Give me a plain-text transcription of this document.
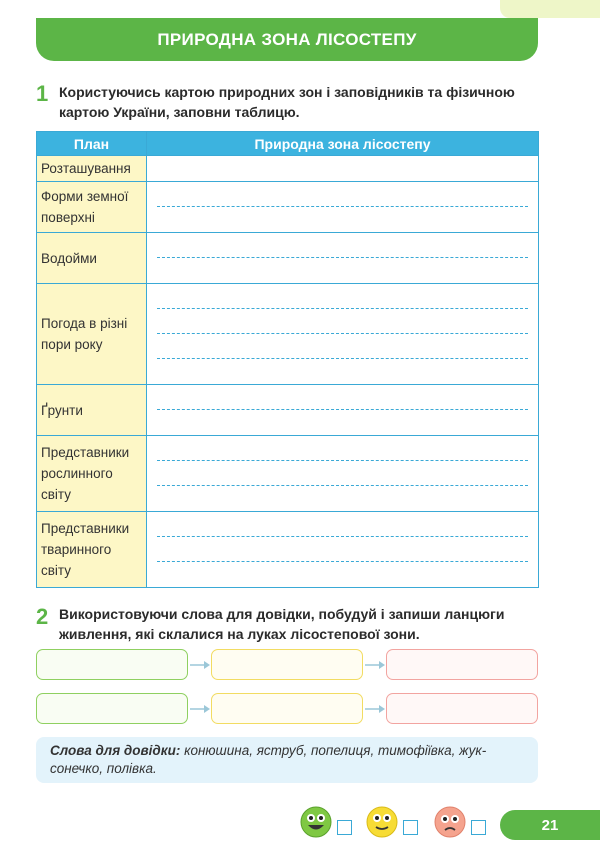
ПРИРОДНА ЗОНА ЛІСОСТЕПУ
1 Користуючись картою природних зон і заповідників та фізичною картою України, заповни таблицю.
План	Природна зона лісостепу
Розташування	

Форми земної поверхні	

Водойми	

Погода в різні пори року	

Ґрунти	

Представники рослинного світу	

Представники тваринного світу	
2 Використовуючи слова для довідки, побудуй і запиши ланцюги живлення, які склалися на луках лісостепової зони.
Слова для довідки: конюшина, яструб, попелиця, тимофіївка, жуксонечко, полівка.
21
